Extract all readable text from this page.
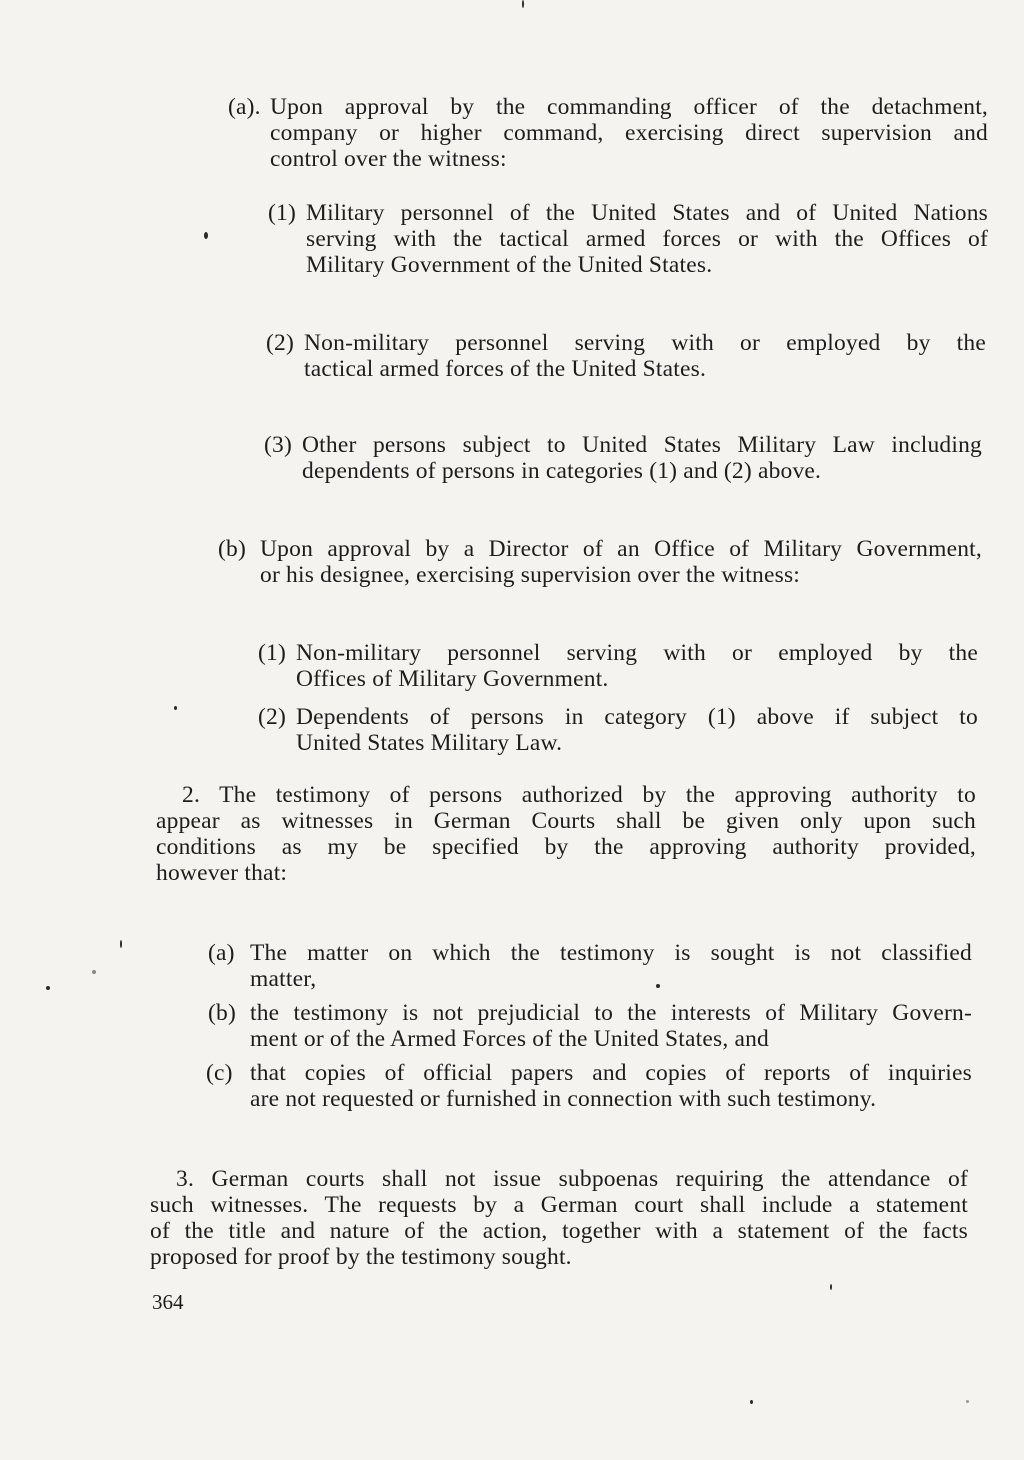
(a). Upon approval by the commanding officer of the detachment,
company or higher command, exercising direct supervision and
control over the witness:
(1) Military personnel of the United States and of United Nations
serving with the tactical armed forces or with the Offices of
Military Government of the United States.
(2) Non-military personnel serving with or employed by the
tactical armed forces of the United States.
(3) Other persons subject to United States Military Law including
dependents of persons in categories (1) and (2) above.
(b) Upon approval by a Director of an Office of Military Government,
or his designee, exercising supervision over the witness:
(1) Non-military personnel serving with or employed by the
Offices of Military Government.
(2) Dependents of persons in category (1) above if subject to
United States Military Law.
2. The testimony of persons authorized by the approving authority to
appear as witnesses in German Courts shall be given only upon such
conditions as my be specified by the approving authority provided,
however that:
(a) The matter on which the testimony is sought is not classified
matter,
(b) the testimony is not prejudicial to the interests of Military Govern-
ment or of the Armed Forces of the United States, and
(c) that copies of official papers and copies of reports of inquiries
are not requested or furnished in connection with such testimony.
3. German courts shall not issue subpoenas requiring the attendance of
such witnesses. The requests by a German court shall include a statement
of the title and nature of the action, together with a statement of the facts
proposed for proof by the testimony sought.
364
